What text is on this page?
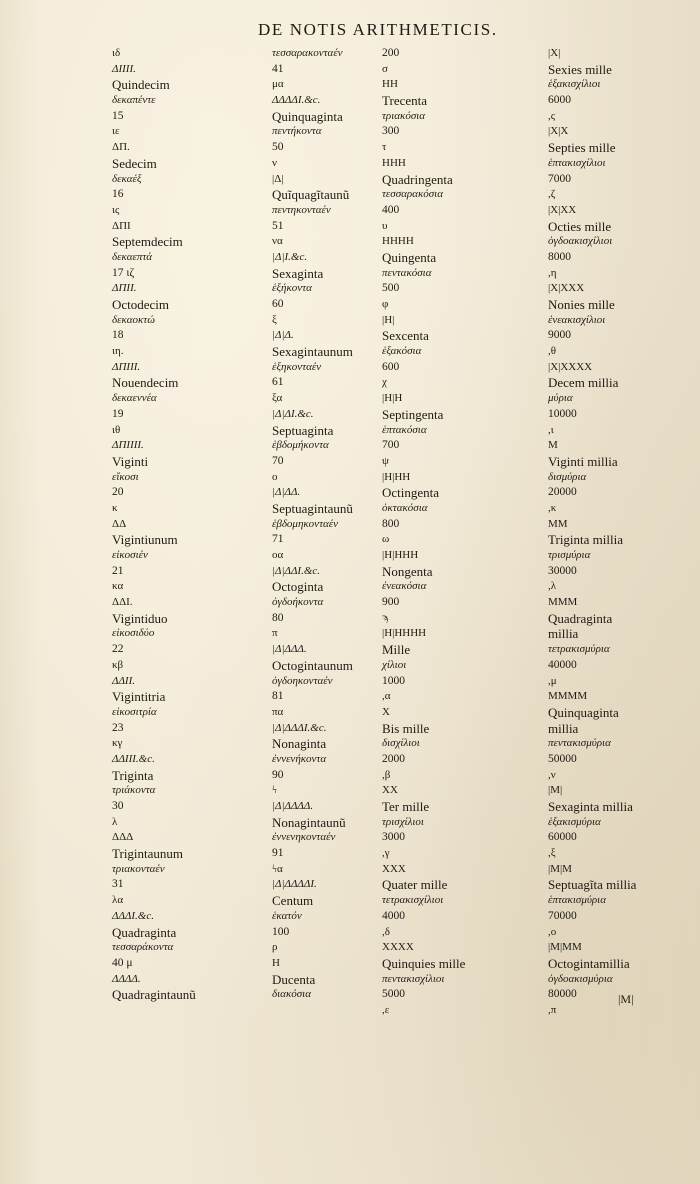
DE NOTIS ARITHMETICIS.
ιδ
ΔIIII.
Quindecim
δεκαπέντε
15
ιε
ΔΠ.
Sedecim
δεκαέξ
16
ις
ΔΠI
Septemdecim
δεκαεπτά
17 ιζ
ΔΠII.
Octodecim
δεκαοκτώ
18
ιη.
ΔΠIII.
Nouendecim
δεκαεννέα
19
ιθ
ΔΠIIII.
Viginti
εἴκοσι
20
κ
ΔΔ
Vigintiunum
εἰκοσιέν
21
κα
ΔΔI.
Vigintiduo
εἰκοσιδύο
22
κβ
ΔΔII.
Vigintitria
εἰκοσιτρία
23
κγ
ΔΔIII.&c.
Triginta
τριάκοντα
30
λ
ΔΔΔ
Trigintaunum
τριακονταέν
31
λα
ΔΔΔI.&c.
Quadraginta
τεσσαράκοντα
40 μ
ΔΔΔΔ.
Quadragintaunũ
τεσσαρακονταέν
41
μα
ΔΔΔΔI.&c.
Quinquaginta
πεντήκοντα
50
ν
|Δ|
Quĩquagĩtaunũ
πεντηκονταέν
51
να
|Δ|I.&c.
Sexaginta
ἑξήκοντα
60
ξ
|Δ|Δ.
Sexagintaunum
ἑξηκονταέν
61
ξα
|Δ|ΔI.&c.
Septuaginta
ἑβδομήκοντα
70
ο
|Δ|ΔΔ.
Septuagintaunũ
ἑβδομηκονταέν
71
οα
|Δ|ΔΔI.&c.
Octoginta
ὀγδοήκοντα
80
π
|Δ|ΔΔΔ.
Octogintaunum
ὀγδοηκονταέν
81
πα
|Δ|ΔΔΔI.&c.
Nonaginta
ἐννενήκοντα
90
ϟ
|Δ|ΔΔΔΔ.
Nonagintaunũ
ἐννενηκονταέν
91
ϟα
|Δ|ΔΔΔΔI.
Centum
ἑκατόν
100
ρ
H
Ducenta
διακόσια
200
σ
HH
Trecenta
τριακόσια
300
τ
HHH
Quadringenta
τεσσαρακόσια
400
υ
HHHH
Quingenta
πεντακόσια
500
φ
|H|
Sexcenta
ἑξακόσια
600
χ
|H|H
Septingenta
ἑπτακόσια
700
ψ
|H|HH
Octingenta
ὀκτακόσια
800
ω
|H|HHH
Nongenta
ἐνεακόσια
900
ϡ
|H|HHHH
Mille
χίλιοι
1000
,α
X
Bis mille
δισχίλιοι
2000
,β
XX
Ter mille
τρισχίλιοι
3000
,γ
XXX
Quater mille
τετρακισχίλιοι
4000
,δ
XXXX
Quinquies mille
πεντακισχίλιοι
5000
,ε
|X|
Sexies mille
ἑξακισχίλιοι
6000
,ς
|X|X
Septies mille
ἑπτακισχίλιοι
7000
,ζ
|X|XX
Octies mille
ὀγδοακισχίλιοι
8000
,η
|X|XXX
Nonies mille
ἐνεακισχίλιοι
9000
,θ
|X|XXXX
Decem millia
μύρια
10000
,ι
M
Viginti millia
δισμύρια
20000
,κ
MM
Triginta millia
τρισμύρια
30000
,λ
MMM
Quadraginta
millia
τετρακισμύρια
40000
,μ
MMMM
Quinquaginta
millia
πεντακισμύρια
50000
,ν
|M|
Sexaginta millia
ἑξακισμύρια
60000
,ξ
|M|M
Septuagĩta millia
ἑπτακισμύρια
70000
,ο
|M|MM
Octogintamillia
ὀγδοακισμύρια
80000
,π
|M|
